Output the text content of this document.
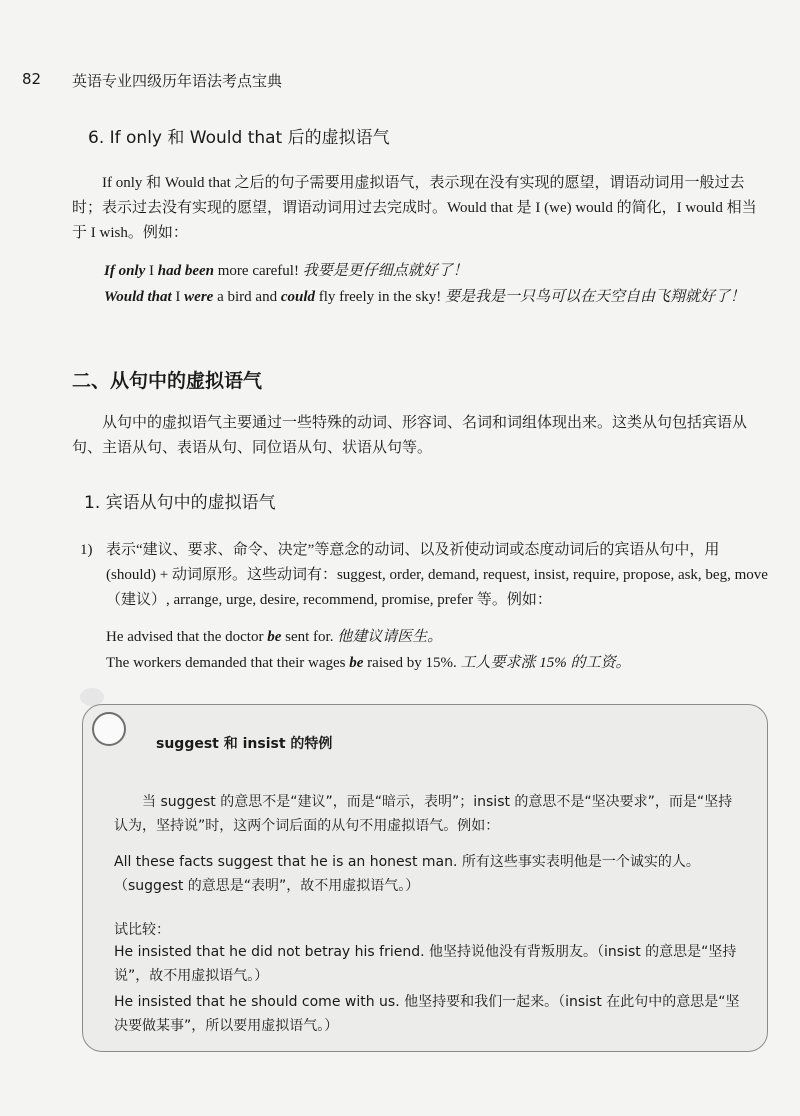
82 英语专业四级历年语法考点宝典
6. If only 和 Would that 后的虚拟语气

If only 和 Would that 之后的句子需要用虚拟语气，表示现在没有实现的愿望，谓语动词用一般过去时；表示过去没有实现的愿望，谓语动词用过去完成时。Would that 是 I (we) would 的简化，I would 相当于 I wish。例如：

If only I had been more careful! 我要是更仔细点就好了！

Would that I were a bird and could fly freely in the sky! 要是我是一只鸟可以在天空自由飞翔就好了！

二、从句中的虚拟语气

从句中的虚拟语气主要通过一些特殊的动词、形容词、名词和词组体现出来。这类从句包括宾语从句、主语从句、表语从句、同位语从句、状语从句等。

1. 宾语从句中的虚拟语气
1) 表示“建议、要求、命令、决定”等意念的动词、以及祈使动词或态度动词后的宾语从句中，用 (should) + 动词原形。这些动词有：suggest, order, demand, request, insist, require, propose, ask, beg, move（建议）, arrange, urge, desire, recommend, promise, prefer 等。例如：

He advised that the doctor be sent for. 他建议请医生。

The workers demanded that their wages be raised by 15%. 工人要求涨 15% 的工资。

suggest 和 insist 的特例

当 suggest 的意思不是“建议”，而是“暗示，表明”；insist 的意思不是“坚决要求”，而是“坚持认为，坚持说”时，这两个词后面的从句不用虚拟语气。例如：

All these facts suggest that he is an honest man. 所有这些事实表明他是一个诚实的人。（suggest 的意思是“表明”，故不用虚拟语气。）

试比较：

He insisted that he did not betray his friend. 他坚持说他没有背叛朋友。（insist 的意思是“坚持说”，故不用虚拟语气。）

He insisted that he should come with us. 他坚持要和我们一起来。（insist 在此句中的意思是“坚决要做某事”，所以要用虚拟语气。）
